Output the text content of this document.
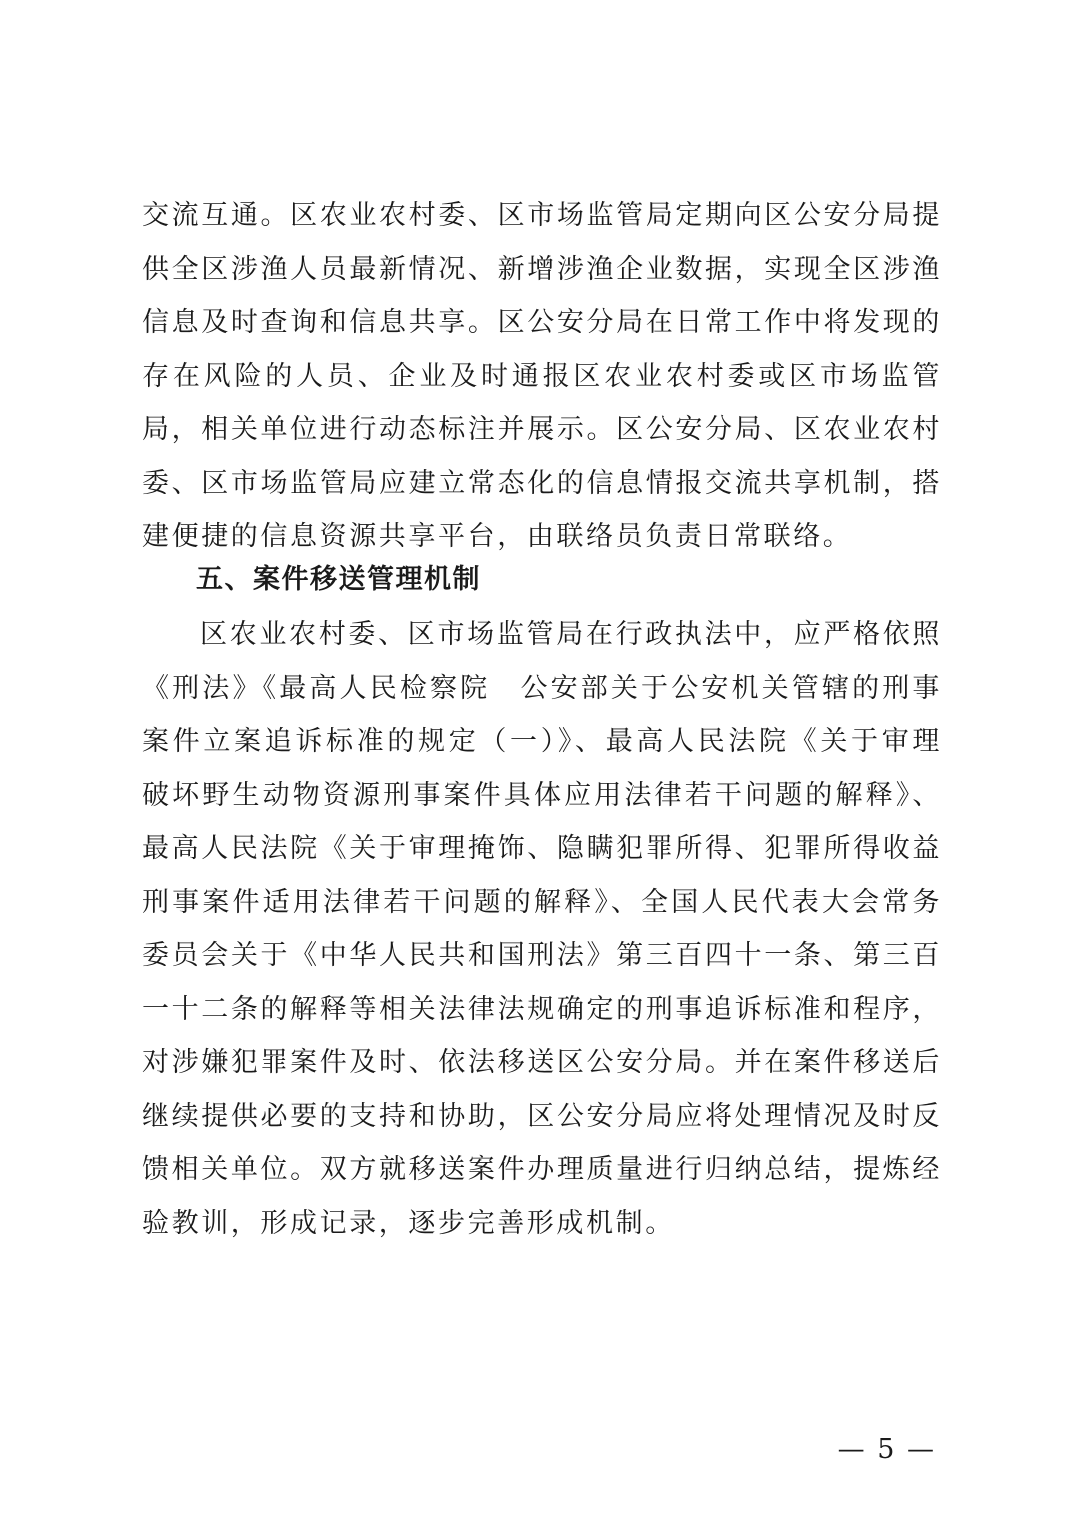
交流互通。区农业农村委、区市场监管局定期向区公安分局提供全区涉渔人员最新情况、新增涉渔企业数据，实现全区涉渔信息及时查询和信息共享。区公安分局在日常工作中将发现的存在风险的人员、企业及时通报区农业农村委或区市场监管局，相关单位进行动态标注并展示。区公安分局、区农业农村委、区市场监管局应建立常态化的信息情报交流共享机制，搭建便捷的信息资源共享平台，由联络员负责日常联络。

五、案件移送管理机制

区农业农村委、区市场监管局在行政执法中，应严格依照《刑法》《最高人民检察院　公安部关于公安机关管辖的刑事案件立案追诉标准的规定（一）》、最高人民法院《关于审理破坏野生动物资源刑事案件具体应用法律若干问题的解释》、最高人民法院《关于审理掩饰、隐瞒犯罪所得、犯罪所得收益刑事案件适用法律若干问题的解释》、全国人民代表大会常务委员会关于《中华人民共和国刑法》第三百四十一条、第三百一十二条的解释等相关法律法规确定的刑事追诉标准和程序，对涉嫌犯罪案件及时、依法移送区公安分局。并在案件移送后继续提供必要的支持和协助，区公安分局应将处理情况及时反馈相关单位。双方就移送案件办理质量进行归纳总结，提炼经验教训，形成记录，逐步完善形成机制。

— 5 —
